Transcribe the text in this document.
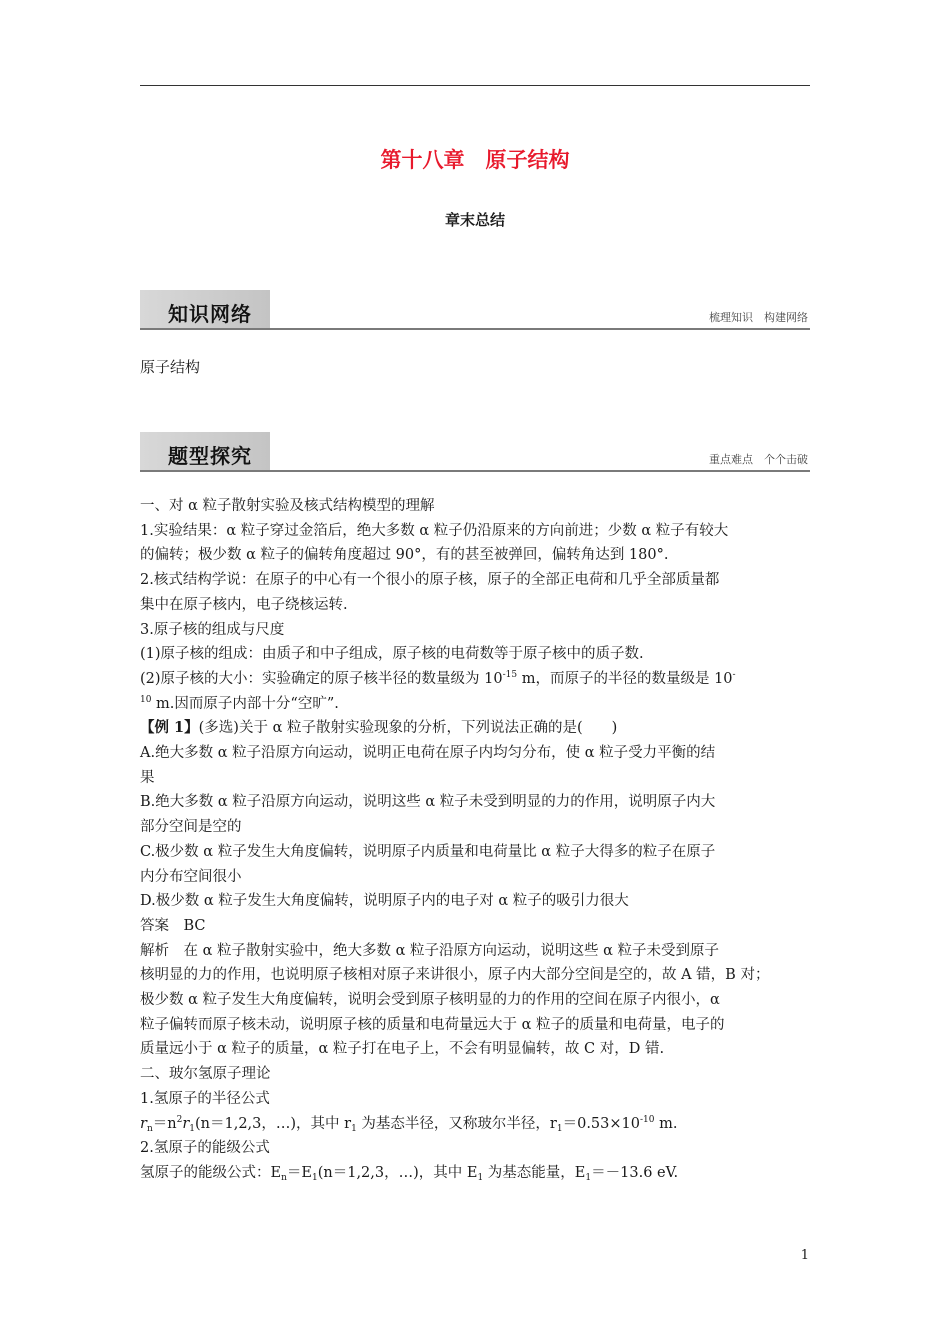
第十八章　原子结构
章末总结
知识网络	梳理知识　构建网络
原子结构
题型探究	重点难点　个个击破

一、对 α 粒子散射实验及核式结构模型的理解

1.实验结果：α 粒子穿过金箔后，绝大多数 α 粒子仍沿原来的方向前进；少数 α 粒子有较大

的偏转；极少数 α 粒子的偏转角度超过 90°，有的甚至被弹回，偏转角达到 180°.

2.核式结构学说：在原子的中心有一个很小的原子核，原子的全部正电荷和几乎全部质量都

集中在原子核内，电子绕核运转.

3.原子核的组成与尺度

(1)原子核的组成：由质子和中子组成，原子核的电荷数等于原子核中的质子数.

(2)原子核的大小：实验确定的原子核半径的数量级为 $10^{-15}$ m，而原子的半径的数量级是 10-

$^{10}$ m.因而原子内部十分“空旷”.

【例 1】(多选)关于 α 粒子散射实验现象的分析，下列说法正确的是(　　)

A.绝大多数 α 粒子沿原方向运动，说明正电荷在原子内均匀分布，使 α 粒子受力平衡的结

果

B.绝大多数 α 粒子沿原方向运动，说明这些 α 粒子未受到明显的力的作用，说明原子内大

部分空间是空的

C.极少数 α 粒子发生大角度偏转，说明原子内质量和电荷量比 α 粒子大得多的粒子在原子

内分布空间很小

D.极少数 α 粒子发生大角度偏转，说明原子内的电子对 α 粒子的吸引力很大

答案　BC

解析　在 α 粒子散射实验中，绝大多数 α 粒子沿原方向运动，说明这些 α 粒子未受到原子

核明显的力的作用，也说明原子核相对原子来讲很小，原子内大部分空间是空的，故 A 错，B 对；

极少数 α 粒子发生大角度偏转，说明会受到原子核明显的力的作用的空间在原子内很小，α

粒子偏转而原子核未动，说明原子核的质量和电荷量远大于 α 粒子的质量和电荷量，电子的

质量远小于 α 粒子的质量，α 粒子打在电子上，不会有明显偏转，故 C 对，D 错.

二、玻尔氢原子理论

1.氢原子的半径公式

$r_n=n^2r_1(n=1,2,3$，…)，其中 $r_1$ 为基态半径，又称玻尔半径，$r_1=0.53\times 10^{-10}$ m.

2.氢原子的能级公式

氢原子的能级公式：$E_n=E_1(n=1,2,3$，…)，其中 $E_1$ 为基态能量，$E_1=-13.6$ eV.

1
